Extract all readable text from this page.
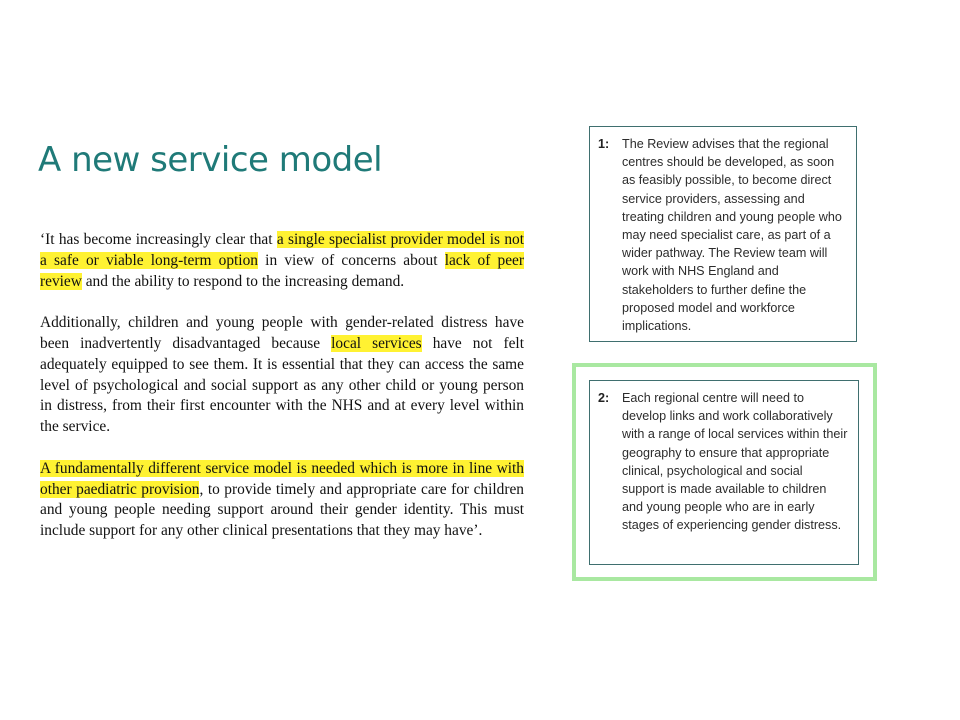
A new service model

‘It has become increasingly clear that a single specialist provider model is not a safe or viable long-term option in view of concerns about lack of peer review and the ability to respond to the increasing demand.

Additionally, children and young people with gender-related distress have been inadvertently disadvantaged because local services have not felt adequately equipped to see them. It is essential that they can access the same level of psychological and social support as any other child or young person in distress, from their first encounter with the NHS and at every level within the service.

A fundamentally different service model is needed which is more in line with other paediatric provision, to provide timely and appropriate care for children and young people needing support around their gender identity. This must include support for any other clinical presentations that they may have’.

1:	The Review advises that the regional centres should be developed, as soon as feasibly possible, to become direct service providers, assessing and treating children and young people who may need specialist care, as part of a wider pathway. The Review team will work with NHS England and stakeholders to further define the proposed model and workforce implications.
2:	Each regional centre will need to develop links and work collaboratively with a range of local services within their geography to ensure that appropriate clinical, psychological and social support is made available to children and young people who are in early stages of experiencing gender distress.
